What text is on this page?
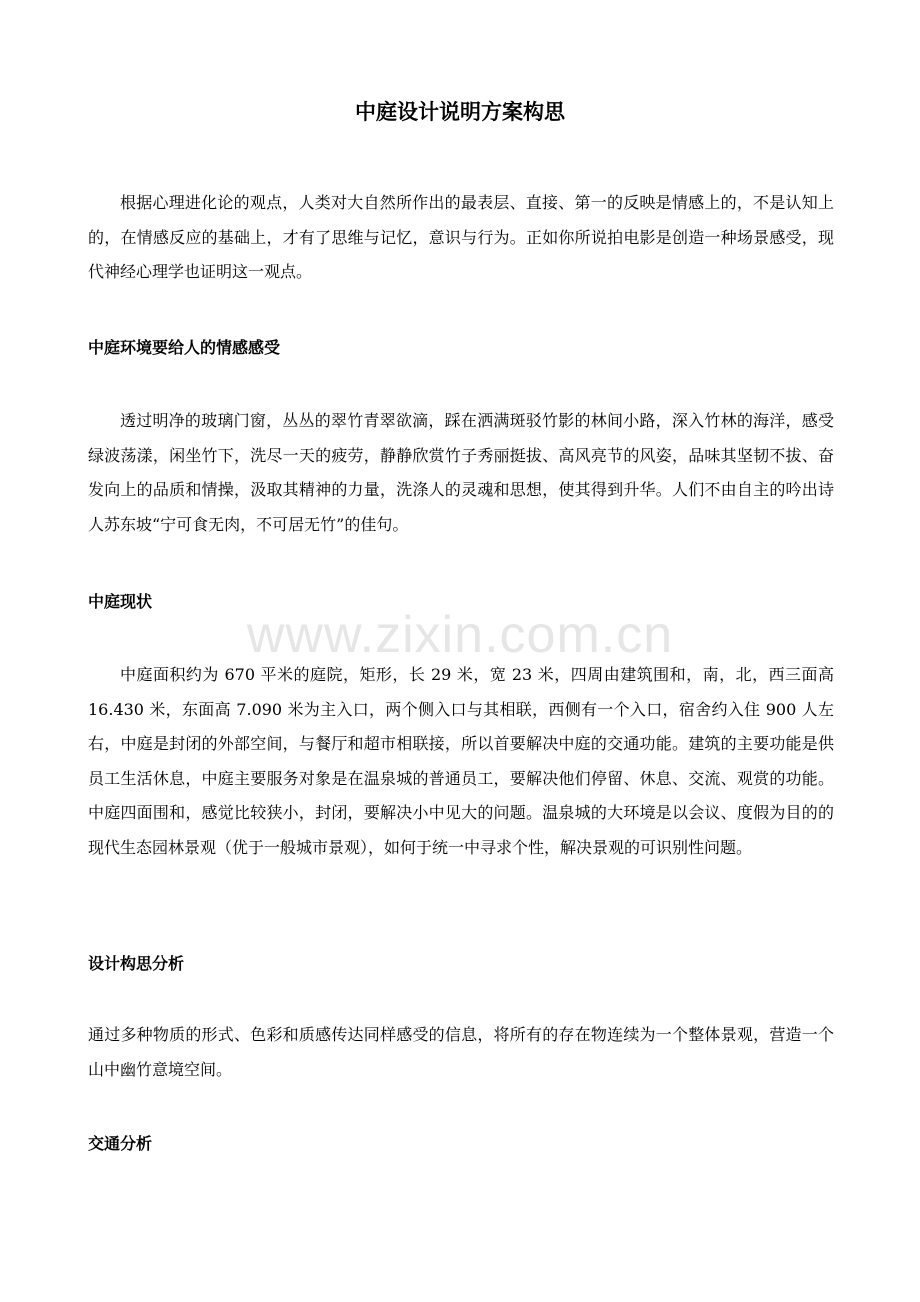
中庭设计说明方案构思

根据心理进化论的观点，人类对大自然所作出的最表层、直接、第一的反映是情感上的，不是认知上的，在情感反应的基础上，才有了思维与记忆，意识与行为。正如你所说拍电影是创造一种场景感受，现代神经心理学也证明这一观点。

中庭环境要给人的情感感受

透过明净的玻璃门窗，丛丛的翠竹青翠欲滴，踩在洒满斑驳竹影的林间小路，深入竹林的海洋，感受绿波荡漾，闲坐竹下，洗尽一天的疲劳，静静欣赏竹子秀丽挺拔、高风亮节的风姿，品味其坚韧不拔、奋发向上的品质和情操，汲取其精神的力量，洗涤人的灵魂和思想，使其得到升华。人们不由自主的吟出诗人苏东坡“宁可食无肉，不可居无竹”的佳句。

中庭现状

中庭面积约为 670 平米的庭院，矩形，长 29 米，宽 23 米，四周由建筑围和，南，北，西三面高 16.430 米，东面高 7.090 米为主入口，两个侧入口与其相联，西侧有一个入口，宿舍约入住 900 人左右，中庭是封闭的外部空间，与餐厅和超市相联接，所以首要解决中庭的交通功能。建筑的主要功能是供员工生活休息，中庭主要服务对象是在温泉城的普通员工，要解决他们停留、休息、交流、观赏的功能。中庭四面围和，感觉比较狭小，封闭，要解决小中见大的问题。温泉城的大环境是以会议、度假为目的的现代生态园林景观（优于一般城市景观），如何于统一中寻求个性，解决景观的可识别性问题。

设计构思分析

通过多种物质的形式、色彩和质感传达同样感受的信息，将所有的存在物连续为一个整体景观，营造一个山中幽竹意境空间。

交通分析
www.zixin.com.cn
